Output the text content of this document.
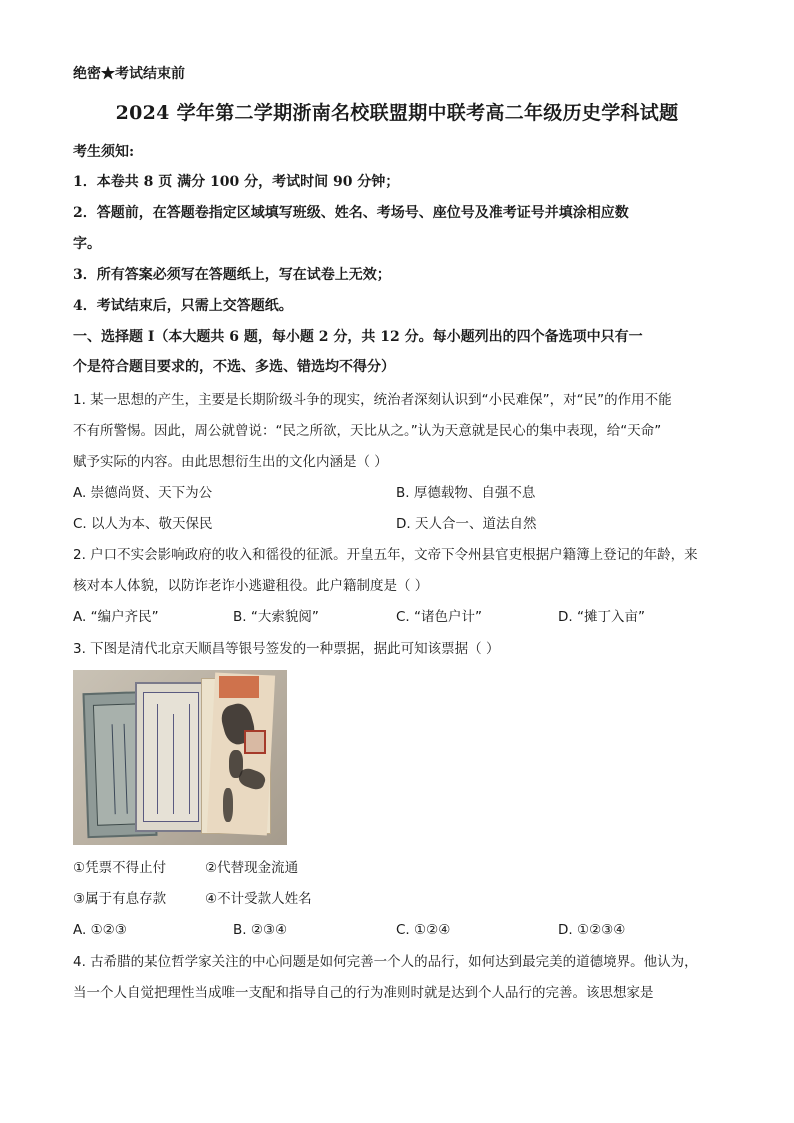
绝密★考试结束前
2024 学年第二学期浙南名校联盟期中联考高二年级历史学科试题
考生须知:
1．本卷共 8 页 满分 100 分，考试时间 90 分钟；
2．答题前，在答题卷指定区域填写班级、姓名、考场号、座位号及准考证号并填涂相应数
字。
3．所有答案必须写在答题纸上，写在试卷上无效；
4．考试结束后，只需上交答题纸。
一、选择题 I（本大题共 6 题，每小题 2 分，共 12 分。每小题列出的四个备选项中只有一
个是符合题目要求的，不选、多选、错选均不得分）
1. 某一思想的产生，主要是长期阶级斗争的现实，统治者深刻认识到“小民难保”，对“民”的作用不能
不有所警惕。因此，周公就曾说：“民之所欲，天比从之。”认为天意就是民心的集中表现，给“天命”
赋予实际的内容。由此思想衍生出的文化内涵是（ ）
A. 崇德尚贤、天下为公	B. 厚德载物、自强不息
C. 以人为本、敬天保民	D. 天人合一、道法自然
2. 户口不实会影响政府的收入和徭役的征派。开皇五年，文帝下令州县官吏根据户籍簿上登记的年龄，来
核对本人体貌，以防诈老诈小逃避租役。此户籍制度是（ ）
A. “编户齐民”	B. “大索貌阅”	C. “诸色户计”	D. “摊丁入亩”
3. 下图是清代北京天顺昌等银号签发的一种票据，据此可知该票据（ ）
①凭票不得止付	②代替现金流通
③属于有息存款	④不计受款人姓名
A. ①②③	B. ②③④	C. ①②④	D. ①②③④
4. 古希腊的某位哲学家关注的中心问题是如何完善一个人的品行，如何达到最完美的道德境界。他认为，
当一个人自觉把理性当成唯一支配和指导自己的行为准则时就是达到个人品行的完善。该思想家是
